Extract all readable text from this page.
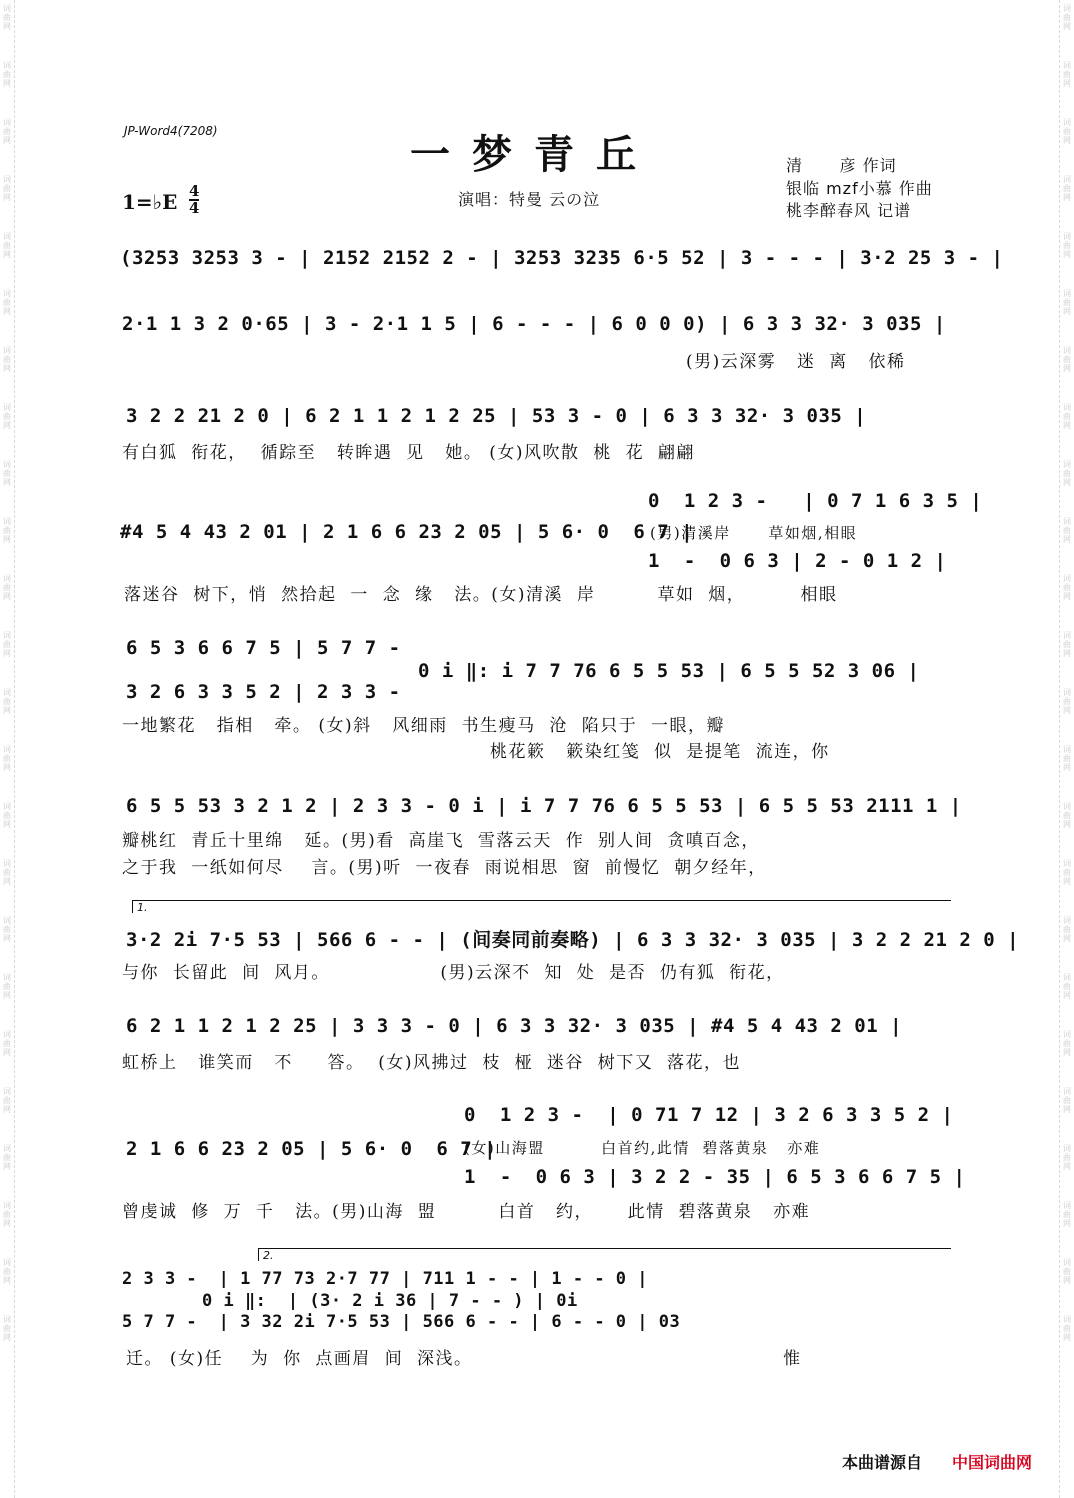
词曲网
词曲网
词曲网
词曲网
词曲网
词曲网
词曲网
词曲网
词曲网
词曲网
词曲网
词曲网
词曲网
词曲网
词曲网
词曲网
词曲网
词曲网
词曲网
词曲网
词曲网
词曲网
词曲网
词曲网
词曲网
词曲网
词曲网
词曲网
词曲网
词曲网
词曲网
词曲网
词曲网
词曲网
词曲网
词曲网
词曲网
词曲网
词曲网
词曲网
词曲网
词曲网
词曲网
词曲网
词曲网
词曲网
词曲网
词曲网
JP-Word4(7208)	一梦青丘
1=♭E $\frac{4}{4}$	演唱：特曼 云の泣
清      彦 作词
银临 mzf小慕 作曲
桃李醉春风 记谱
(3253 3253 3 - | 2152 2152 2 - | 3253 3235 6·5 52 | 3 - - - | 3·2 25 3 - |
2·1 1 3 2 0·65 | 3 - 2·1 1 5 | 6 - - - | 6 0 0 0) | 6 3 3 32· 3 035 |
(男)云深雾   迷  离   依稀
3 2 2 21 2 0 | 6 2 1 1 2 1 2 25 | 53 3 - 0 | 6 3 3 32· 3 035 |
有白狐  衔花，  循踪至   转眸遇  见   她。 (女)风吹散  桃  花  翩翩
0  1 2 3 -   | 0 7 1 6 3 5 |
#4 5 4 43 2 01 | 2 1 6 6 23 2 05 | 5 6· 0  6 7 |
1  -  0 6 3 | 2 - 0 1 2 |
(男)清溪岸      草如烟,相眼
落迷谷  树下，悄  然拾起  一  念  缘   法。(女)清溪  岸         草如  烟，        相眼
6 5 3 6 6 7 5 | 5 7 7 -
0 i ‖: i 7 7 76 6 5 5 53 | 6 5 5 52 3 06 |
3 2 6 3 3 5 2 | 2 3 3 -
一地繁花   指相   牵。 (女)斜   风细雨  书生瘦马  沧  陷只于  一眼，瓣
桃花簌   簌染红笺  似  是提笔  流连，你
6 5 5 53 3 2 1 2 | 2 3 3 - 0 i | i 7 7 76 6 5 5 53 | 6 5 5 53 2111 1 |
瓣桃红  青丘十里绵   延。(男)看  高崖飞  雪落云天  作  别人间  贪嗔百念，
之于我  一纸如何尽    言。(男)听  一夜春  雨说相思  窗  前慢忆  朝夕经年，
1.
3·2 2i 7·5 53 | 566 6 - - | (间奏同前奏略) | 6 3 3 32· 3 035 | 3 2 2 21 2 0 |
与你  长留此  间  风月。                (男)云深不  知  处  是否  仍有狐  衔花，
6 2 1 1 2 1 2 25 | 3 3 3 - 0 | 6 3 3 32· 3 035 | #4 5 4 43 2 01 |
虹桥上   谁笑而   不     答。  (女)风拂过  枝  桠  迷谷  树下又  落花，也
0  1 2 3 -  | 0 71 7 12 | 3 2 6 3 3 5 2 |
2 1 6 6 23 2 05 | 5 6· 0  6 7 |
1  -  0 6 3 | 3 2 2 - 35 | 6 5 3 6 6 7 5 |
(女)山海盟         白首约,此情  碧落黄泉   亦难
曾虔诚  修  万  千   法。(男)山海  盟         白首   约，     此情  碧落黄泉   亦难
2.
2 3 3 -  | 1 77 73 2·7 77 | 711 1 - - | 1 - - 0 |
0 i ‖:  | (3· 2 i 36 | 7 - - ) | 0i
5 7 7 -  | 3 32 2i 7·5 53 | 566 6 - - | 6 - - 0 | 03
迁。 (女)任    为  你  点画眉  间  深浅。                                             惟
本曲谱源自 中国词曲网
